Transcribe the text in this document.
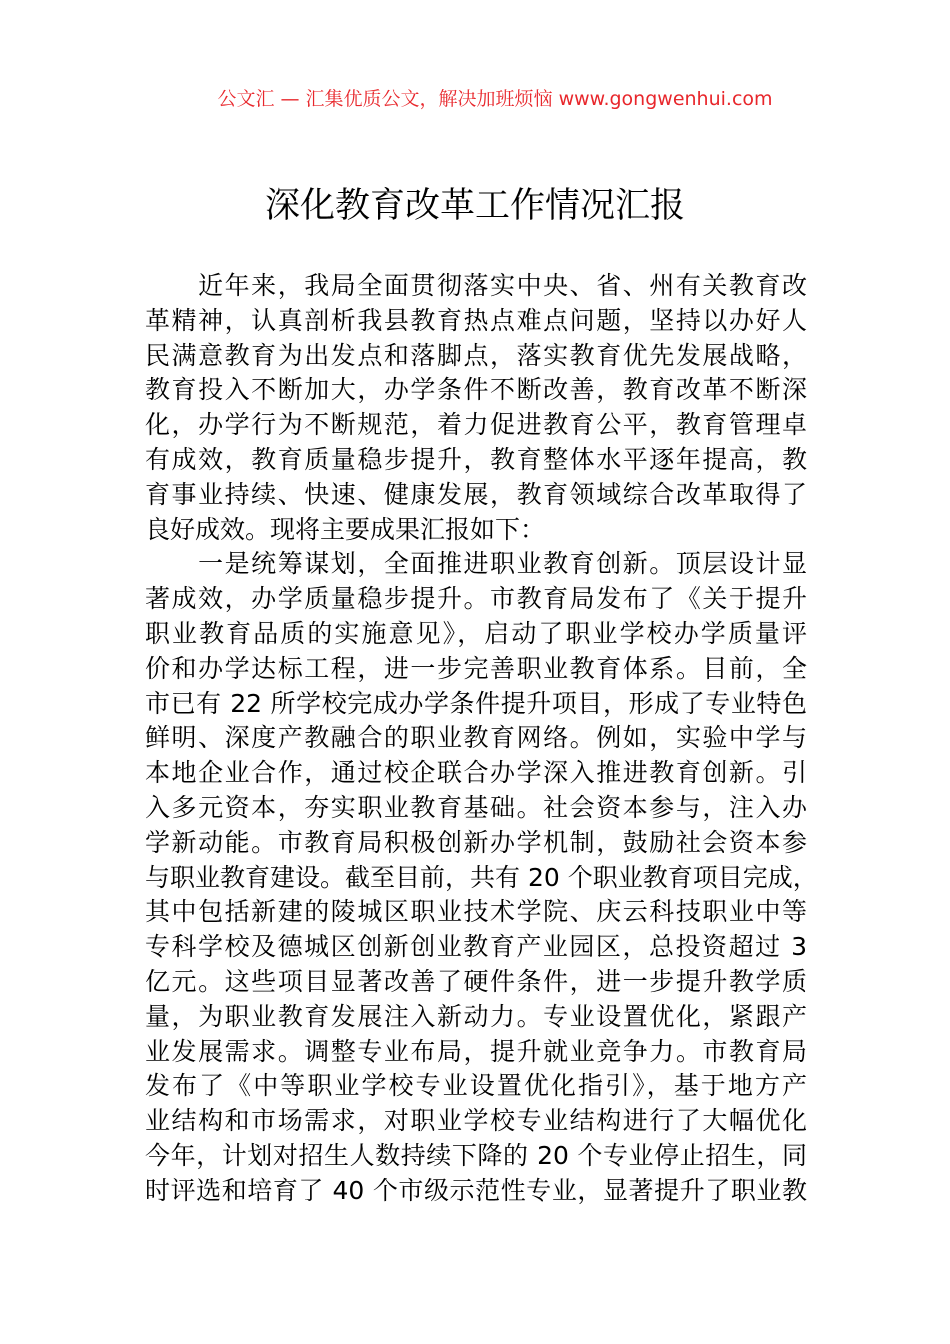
公文汇 — 汇集优质公文，解决加班烦恼 www.gongwenhui.com
深化教育改革工作情况汇报
　　近年来，我局全面贯彻落实中央、省、州有关教育改
革精神，认真剖析我县教育热点难点问题，坚持以办好人
民满意教育为出发点和落脚点，落实教育优先发展战略，
教育投入不断加大，办学条件不断改善，教育改革不断深
化，办学行为不断规范，着力促进教育公平，教育管理卓
有成效，教育质量稳步提升，教育整体水平逐年提高，教
育事业持续、快速、健康发展，教育领域综合改革取得了
良好成效。现将主要成果汇报如下：
　　一是统筹谋划，全面推进职业教育创新。顶层设计显
著成效，办学质量稳步提升。市教育局发布了《关于提升
职业教育品质的实施意见》，启动了职业学校办学质量评
价和办学达标工程，进一步完善职业教育体系。目前，全
市已有 22 所学校完成办学条件提升项目，形成了专业特色
鲜明、深度产教融合的职业教育网络。例如，实验中学与
本地企业合作，通过校企联合办学深入推进教育创新。引
入多元资本，夯实职业教育基础。社会资本参与，注入办
学新动能。市教育局积极创新办学机制，鼓励社会资本参
与职业教育建设。截至目前，共有 20 个职业教育项目完成，
其中包括新建的陵城区职业技术学院、庆云科技职业中等
专科学校及德城区创新创业教育产业园区，总投资超过 3
亿元。这些项目显著改善了硬件条件，进一步提升教学质
量，为职业教育发展注入新动力。专业设置优化，紧跟产
业发展需求。调整专业布局，提升就业竞争力。市教育局
发布了《中等职业学校专业设置优化指引》，基于地方产
业结构和市场需求，对职业学校专业结构进行了大幅优化
今年，计划对招生人数持续下降的 20 个专业停止招生，同
时评选和培育了 40 个市级示范性专业，显著提升了职业教
